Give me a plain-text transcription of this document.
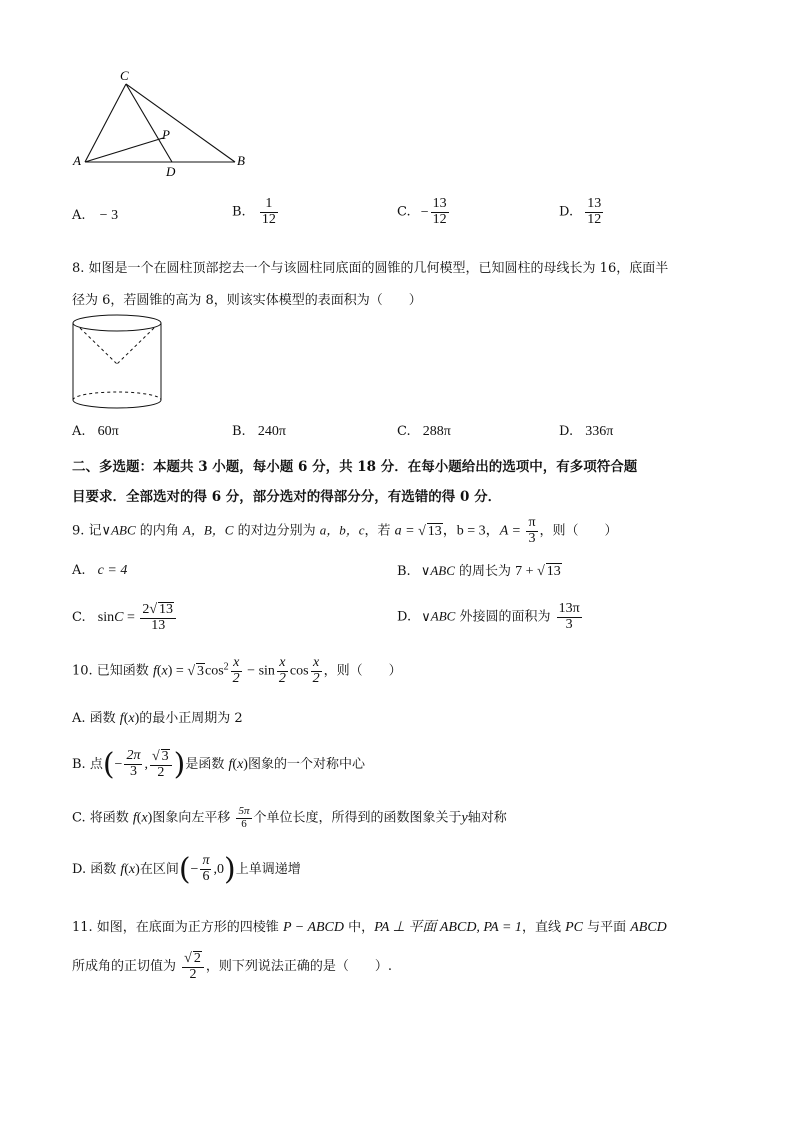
C
P
A
D
B
A. − 3	B. $\frac{1}{12}$	C. − $\frac{13}{12}$	D. $\frac{13}{12}$
8. 如图是一个在圆柱顶部挖去一个与该圆柱同底面的圆锥的几何模型，已知圆柱的母线长为 16，底面半
径为 6，若圆锥的高为 8，则该实体模型的表面积为（　　）
A. 60π	B. 240π	C. 288π	D. 336π
二、多选题：本题共 3 小题，每小题 6 分，共 18 分．在每小题给出的选项中，有多项符合题
目要求．全部选对的得 6 分，部分选对的得部分分，有选错的得 0 分．
9. 记∨ABC 的内角 A，B，C 的对边分别为 a，b，c，若 a = √ 13，b = 3，$A = \frac{\pi}{3}$ ，则（　　）
A. c = 4	B. ∨ABC 的周长为 7 + √ 13
C. $\sin C = \frac{2√ 13}{13}$	D. ∨ABC 外接圆的面积为 $\frac{13\pi}{3}$
10. 已知函数 f(x) = √ $3\cos^2 \frac{x}{2} - \sin \frac{x}{2}$ $\cos \frac{x}{2}$ ，则（　　）
A. 函数 f(x)的最小正周期为 2
B. 点(− $\frac{2\pi}{3}$ , $\frac{√ 3}{2}$ )是函数 f(x)图象的一个对称中心
C. 将函数 f(x)图象向左平移 $\frac{5\pi}{6}$ 个单位长度，所得到的函数图象关于y轴对称
D. 函数 f(x)在区间(− $\frac{\pi}{6} ,0$)上单调递增
11. 如图，在底面为正方形的四棱锥 P − ABCD 中，PA ⊥ 平面 ABCD, PA = 1，直线 PC 与平面 ABCD
所成角的正切值为 $\frac{√ 2}{2}$ ，则下列说法正确的是（　　）.
